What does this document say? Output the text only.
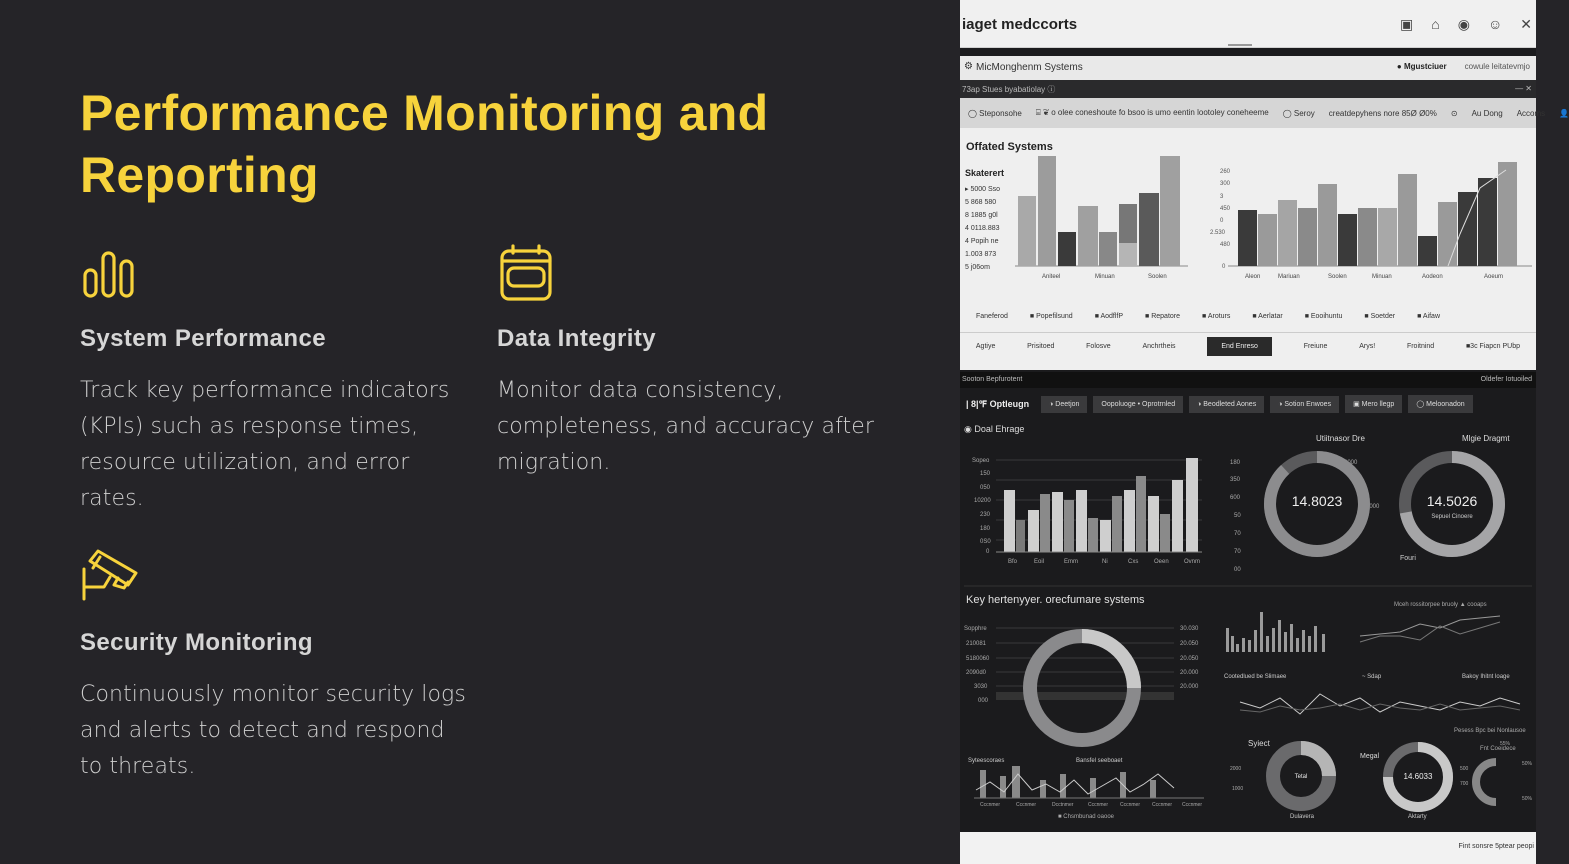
Performance Monitoring and Reporting
System Performance

Track key performance indicators (KPIs) such as response times, resource utilization, and error rates.

Data Integrity

Monitor data consistency, completeness, and accuracy after migration.

Security Monitoring

Continuously monitor security logs and alerts to detect and respond to threats.

iaget medccorts	▣ ⌂ ◉ ☺ ✕
MicMonghenm Systems
⚙	● Mgustciuer cowule leitatevmjo
73ap Stues byabatiolay ⓘ	— ✕
◯ Steponsohe ⌸ ❦ o olee coneshoute fo bsoo is umo eentin lootoley coneheeme ◯ Seroy creatdepyhens nore 85Ø Ø0% ⊙ Au Dong Accoms 👤
Offated Systems
Skaterert
▸ 5000 Sso
5 868 580
8 1885 g0l
4 0118.883
4 Popih ne
1.003 873
5 j06om
260
300
3
450
0
2.530
480
0
Aniteel	Minuan	Soolen	Aleon	Mariuan	Soolen	Minuan	Aodeon	Aoeum
Faneferod	■ Popefilsund	■ AodflfP	■ Repatore	■ Aroturs	■ Aerlatar	■ Eooihuntu	■ Soetder	■ Aifaw
Agtiye	Prisitoed	Folosve	Anchrtheis	End Enreso	Freiune	Arys!	Froitnind	■3c Fiapcn PUbp
Sooton Bepfurotent	Oldefer Iotuoiled
| 8|℉ Optleugn	◑ Deetjon	Oopoluoge • Oprotrnled	◑ Beodleted Aones	◑ Sotion Enwoes	▣ Mero llegp	◯ Meloonadon
◉ Doal Ehrage
Utiitnasor Dre	Mlgie Dragmt
Sopeo
150
050
10200
230
180
0S0
0
Bfo	Eoil	Emm	Ni	Cxs	Oeen	Ovnm
180
350
600
50
70
70
00
6000
1000
14.8023	14.5026
Sepuel Cinoere
Fouri
Key hertenyyer. orecfumare systems	Mceh rossitorpee bruoly ▲ cooaps
Cootedlued be Slimaee	~ Sdap	Bakoy Ihitnt loage
Pesess Bpc bei Nonlausoe
Fnt Coeidece
Sopphre
210081
5180060
2090d0
3030
000
30.030
20.050
20.050
20.000
20.000
Syteescoraes	Bansfel seeboaet
Cccnmer	Cccnmer	Dcctnmer	Cccnmer Cccnmer Cccnmer Cccnmer
■ Chsmbunad oaooe
Syiect
Tetal
Dulavera
2000
1000
500
700
Megal
14.6033
Aktarty
50%
50%
55%
Fint sonsre 5ptear peopi
